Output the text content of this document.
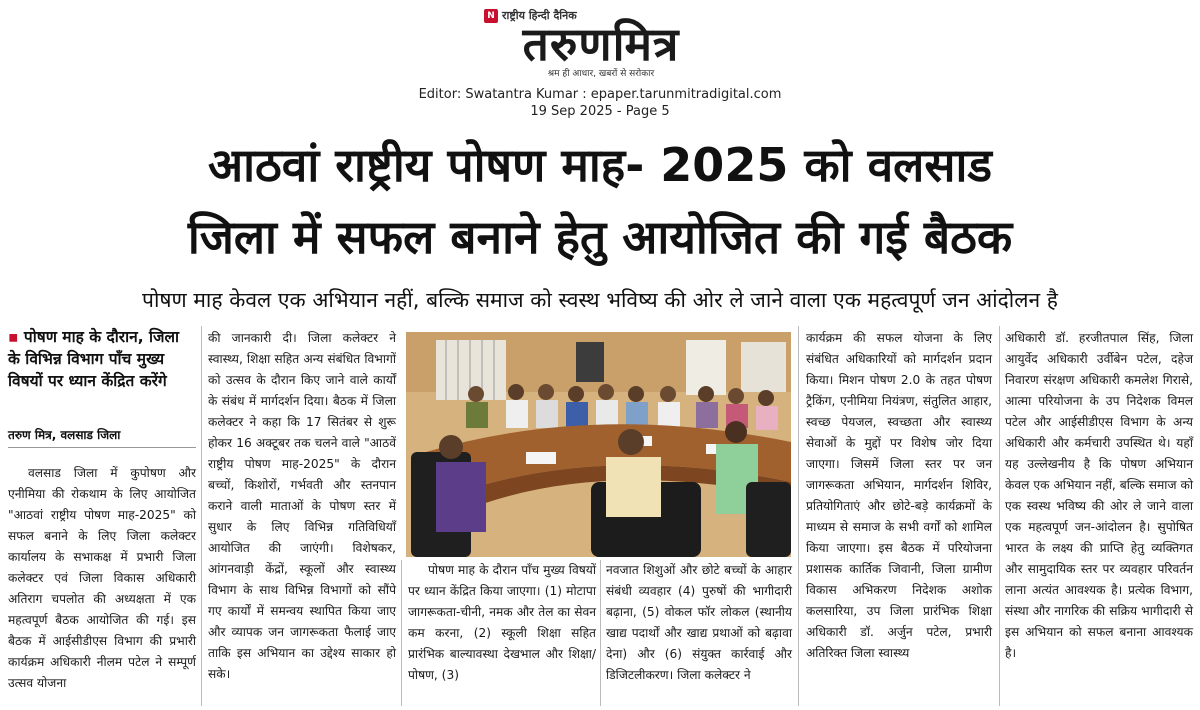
N राष्ट्रीय हिन्दी दैनिक
तरुणमित्र
श्रम ही आधार, खबरों से सरोकार
Editor: Swatantra Kumar : epaper.tarunmitradigital.com
19 Sep 2025 - Page 5
आठवां राष्ट्रीय पोषण माह- 2025 को वलसाड
जिला में सफल बनाने हेतु आयोजित की गई बैठक
पोषण माह केवल एक अभियान नहीं, बल्कि समाज को स्वस्थ भविष्य की ओर ले जाने वाला एक महत्वपूर्ण जन आंदोलन है
▪ पोषण माह के दौरान, जिला के विभिन्न विभाग पाँच मुख्य विषयों पर ध्यान केंद्रित करेंगे
तरुण मित्र, वलसाड जिला

वलसाड जिला में कुपोषण और एनीमिया की रोकथाम के लिए आयोजित "आठवां राष्ट्रीय पोषण माह-2025" को सफल बनाने के लिए जिला कलेक्टर कार्यालय के सभाकक्ष में प्रभारी जिला कलेक्टर एवं जिला विकास अधिकारी अतिराग चपलोत की अध्यक्षता में एक महत्वपूर्ण बैठक आयोजित की गई। इस बैठक में आईसीडीएस विभाग की प्रभारी कार्यक्रम अधिकारी नीलम पटेल ने सम्पूर्ण उत्सव योजना

की जानकारी दी। जिला कलेक्टर ने स्वास्थ्य, शिक्षा सहित अन्य संबंधित विभागों को उत्सव के दौरान किए जाने वाले कार्यों के संबंध में मार्गदर्शन दिया। बैठक में जिला कलेक्टर ने कहा कि 17 सितंबर से शुरू होकर 16 अक्टूबर तक चलने वाले "आठवें राष्ट्रीय पोषण माह-2025" के दौरान बच्चों, किशोरों, गर्भवती और स्तनपान कराने वाली माताओं के पोषण स्तर में सुधार के लिए विभिन्न गतिविधियाँ आयोजित की जाएंगी। विशेषकर, आंगनवाड़ी केंद्रों, स्कूलों और स्वास्थ्य विभाग के साथ विभिन्न विभागों को सौंपे गए कार्यों में समन्वय स्थापित किया जाए और व्यापक जन जागरूकता फैलाई जाए ताकि इस अभियान का उद्देश्य साकार हो सके।

पोषण माह के दौरान पाँच मुख्य विषयों पर ध्यान केंद्रित किया जाएगा। (1) मोटापा जागरूकता-चीनी, नमक और तेल का सेवन कम करना, (2) स्कूली शिक्षा सहित प्रारंभिक बाल्यावस्था देखभाल और शिक्षा/पोषण, (3)

नवजात शिशुओं और छोटे बच्चों के आहार संबंधी व्यवहार (4) पुरुषों की भागीदारी बढ़ाना, (5) वोकल फॉर लोकल (स्थानीय खाद्य पदार्थों और खाद्य प्रथाओं को बढ़ावा देना) और (6) संयुक्त कार्रवाई और डिजिटलीकरण। जिला कलेक्टर ने

कार्यक्रम की सफल योजना के लिए संबंधित अधिकारियों को मार्गदर्शन प्रदान किया। मिशन पोषण 2.0 के तहत पोषण ट्रैकिंग, एनीमिया नियंत्रण, संतुलित आहार, स्वच्छ पेयजल, स्वच्छता और स्वास्थ्य सेवाओं के मुद्दों पर विशेष जोर दिया जाएगा। जिसमें जिला स्तर पर जन जागरूकता अभियान, मार्गदर्शन शिविर, प्रतियोगिताएं और छोटे-बड़े कार्यक्रमों के माध्यम से समाज के सभी वर्गों को शामिल किया जाएगा। इस बैठक में परियोजना प्रशासक कार्तिक जिवानी, जिला ग्रामीण विकास अभिकरण निदेशक अशोक कलसारिया, उप जिला प्रारंभिक शिक्षा अधिकारी डॉ. अर्जुन पटेल, प्रभारी अतिरिक्त जिला स्वास्थ्य

अधिकारी डॉ. हरजीतपाल सिंह, जिला आयुर्वेद अधिकारी उर्वीबेन पटेल, दहेज निवारण संरक्षण अधिकारी कमलेश गिरासे, आत्मा परियोजना के उप निदेशक विमल पटेल और आईसीडीएस विभाग के अन्य अधिकारी और कर्मचारी उपस्थित थे। यहाँ यह उल्लेखनीय है कि पोषण अभियान केवल एक अभियान नहीं, बल्कि समाज को एक स्वस्थ भविष्य की ओर ले जाने वाला एक महत्वपूर्ण जन-आंदोलन है। सुपोषित भारत के लक्ष्य की प्राप्ति हेतु व्यक्तिगत और सामुदायिक स्तर पर व्यवहार परिवर्तन लाना अत्यंत आवश्यक है। प्रत्येक विभाग, संस्था और नागरिक की सक्रिय भागीदारी से इस अभियान को सफल बनाना आवश्यक है।
